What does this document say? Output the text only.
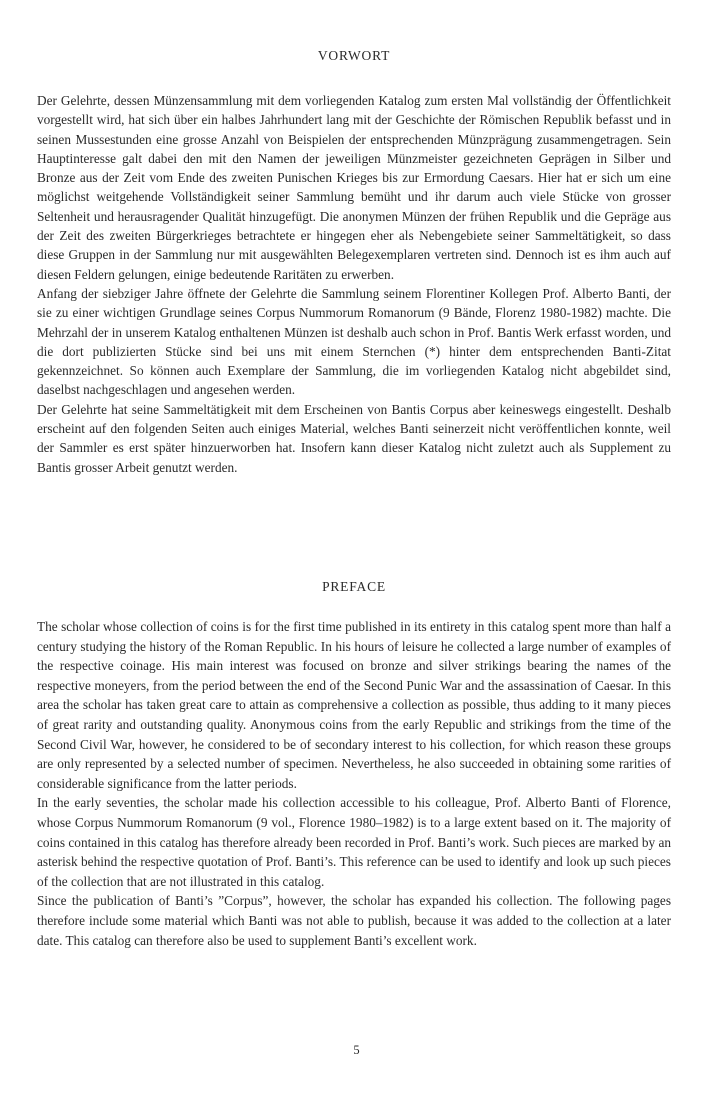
VORWORT

Der Gelehrte, dessen Münzensammlung mit dem vorliegenden Katalog zum ersten Mal vollständig der Öffentlichkeit vorgestellt wird, hat sich über ein halbes Jahrhundert lang mit der Geschichte der Römischen Republik befasst und in seinen Mussestunden eine grosse Anzahl von Beispielen der entsprechenden Münzprägung zusammengetragen. Sein Hauptinteresse galt dabei den mit den Namen der jeweiligen Münzmeister gezeichneten Geprägen in Silber und Bronze aus der Zeit vom Ende des zweiten Punischen Krieges bis zur Ermordung Caesars. Hier hat er sich um eine möglichst weitgehende Vollständigkeit seiner Sammlung bemüht und ihr darum auch viele Stücke von grosser Seltenheit und herausragender Qualität hinzugefügt. Die anonymen Münzen der frühen Republik und die Gepräge aus der Zeit des zweiten Bürgerkrieges betrachtete er hingegen eher als Nebengebiete seiner Sammeltätigkeit, so dass diese Gruppen in der Sammlung nur mit ausgewählten Belegexemplaren vertreten sind. Dennoch ist es ihm auch auf diesen Feldern gelungen, einige bedeutende Raritäten zu erwerben.

Anfang der siebziger Jahre öffnete der Gelehrte die Sammlung seinem Florentiner Kollegen Prof. Alberto Banti, der sie zu einer wichtigen Grundlage seines Corpus Nummorum Romanorum (9 Bände, Florenz 1980-1982) machte. Die Mehrzahl der in unserem Katalog enthaltenen Münzen ist deshalb auch schon in Prof. Bantis Werk erfasst worden, und die dort publizierten Stücke sind bei uns mit einem Sternchen (*) hinter dem entsprechenden Banti-Zitat gekennzeichnet. So können auch Exemplare der Sammlung, die im vorliegenden Katalog nicht abgebildet sind, daselbst nachgeschlagen und angesehen werden.

Der Gelehrte hat seine Sammeltätigkeit mit dem Erscheinen von Bantis Corpus aber keineswegs eingestellt. Deshalb erscheint auf den folgenden Seiten auch einiges Material, welches Banti seinerzeit nicht veröffentlichen konnte, weil der Sammler es erst später hinzuerworben hat. Insofern kann dieser Katalog nicht zuletzt auch als Supplement zu Bantis grosser Arbeit genutzt werden.

PREFACE

The scholar whose collection of coins is for the first time published in its entirety in this catalog spent more than half a century studying the history of the Roman Republic. In his hours of leisure he collected a large number of examples of the respective coinage. His main interest was focused on bronze and silver strikings bearing the names of the respective moneyers, from the period between the end of the Second Punic War and the assassination of Caesar. In this area the scholar has taken great care to attain as comprehensive a collection as possible, thus adding to it many pieces of great rarity and outstanding quality. Anonymous coins from the early Republic and strikings from the time of the Second Civil War, however, he considered to be of secondary interest to his collection, for which reason these groups are only represented by a selected number of specimen. Nevertheless, he also succeeded in obtaining some rarities of considerable significance from the latter periods.

In the early seventies, the scholar made his collection accessible to his colleague, Prof. Alberto Banti of Florence, whose Corpus Nummorum Romanorum (9 vol., Florence 1980–1982) is to a large extent based on it. The majority of coins contained in this catalog has therefore already been recorded in Prof. Banti’s work. Such pieces are marked by an asterisk behind the respective quotation of Prof. Banti’s. This reference can be used to identify and look up such pieces of the collection that are not illustrated in this catalog.

Since the publication of Banti’s ”Corpus”, however, the scholar has expanded his collection. The following pages therefore include some material which Banti was not able to publish, because it was added to the collection at a later date. This catalog can therefore also be used to supplement Banti’s excellent work.

5
